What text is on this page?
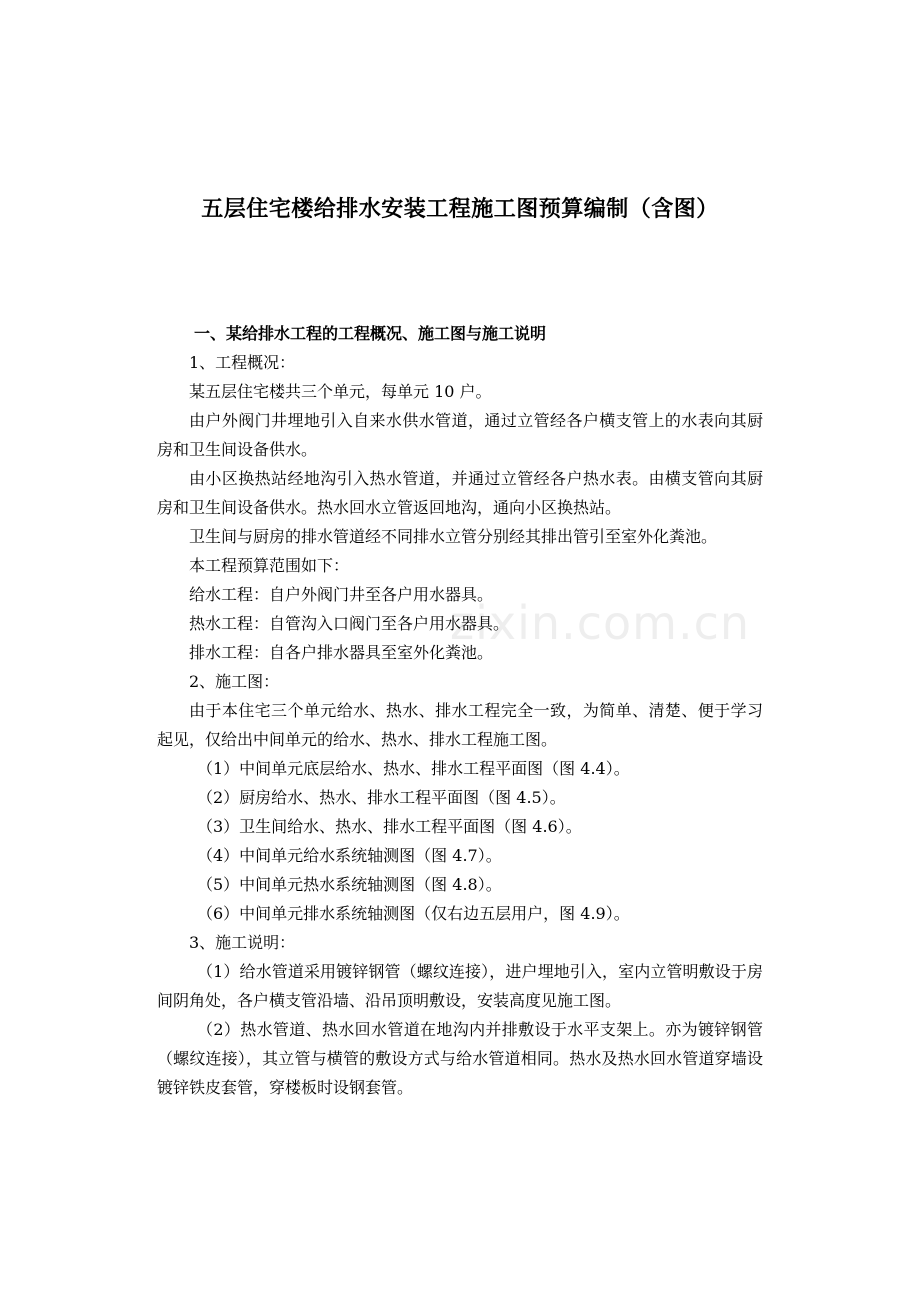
zixin.com.cn
五层住宅楼给排水安装工程施工图预算编制（含图）

一、某给排水工程的工程概况、施工图与施工说明

1、工程概况：

某五层住宅楼共三个单元，每单元 10 户。

由户外阀门井埋地引入自来水供水管道，通过立管经各户横支管上的水表向其厨房和卫生间设备供水。

由小区换热站经地沟引入热水管道，并通过立管经各户热水表。由横支管向其厨房和卫生间设备供水。热水回水立管返回地沟，通向小区换热站。

卫生间与厨房的排水管道经不同排水立管分别经其排出管引至室外化粪池。

本工程预算范围如下：

给水工程：自户外阀门井至各户用水器具。

热水工程：自管沟入口阀门至各户用水器具。

排水工程：自各户排水器具至室外化粪池。

2、施工图：

由于本住宅三个单元给水、热水、排水工程完全一致，为简单、清楚、便于学习起见，仅给出中间单元的给水、热水、排水工程施工图。

（1）中间单元底层给水、热水、排水工程平面图（图 4.4）。

（2）厨房给水、热水、排水工程平面图（图 4.5）。

（3）卫生间给水、热水、排水工程平面图（图 4.6）。

（4）中间单元给水系统轴测图（图 4.7）。

（5）中间单元热水系统轴测图（图 4.8）。

（6）中间单元排水系统轴测图（仅右边五层用户，图 4.9）。

3、施工说明：

（1）给水管道采用镀锌钢管（螺纹连接），进户埋地引入，室内立管明敷设于房间阴角处，各户横支管沿墙、沿吊顶明敷设，安装高度见施工图。

（2）热水管道、热水回水管道在地沟内并排敷设于水平支架上。亦为镀锌钢管（螺纹连接），其立管与横管的敷设方式与给水管道相同。热水及热水回水管道穿墙设镀锌铁皮套管，穿楼板时设钢套管。
